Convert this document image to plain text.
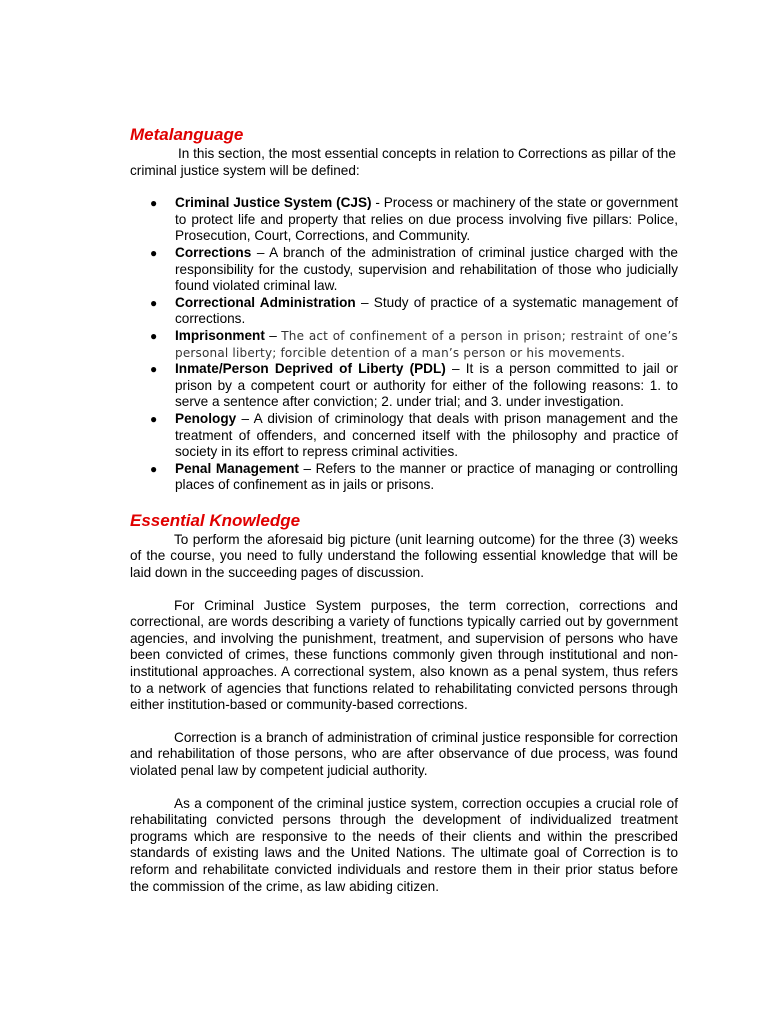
Metalanguage

In this section, the most essential concepts in relation to Corrections as pillar of the criminal justice system will be defined:

● Criminal Justice System (CJS) - Process or machinery of the state or government to protect life and property that relies on due process involving five pillars: Police, Prosecution, Court, Corrections, and Community.
● Corrections – A branch of the administration of criminal justice charged with the responsibility for the custody, supervision and rehabilitation of those who judicially found violated criminal law.
● Correctional Administration – Study of practice of a systematic management of corrections.
● Imprisonment – The act of confinement of a person in prison; restraint of one’s personal liberty; forcible detention of a man’s person or his movements.
● Inmate/Person Deprived of Liberty (PDL) – It is a person committed to jail or prison by a competent court or authority for either of the following reasons: 1. to serve a sentence after conviction; 2. under trial; and 3. under investigation.
● Penology – A division of criminology that deals with prison management and the treatment of offenders, and concerned itself with the philosophy and practice of society in its effort to repress criminal activities.
● Penal Management – Refers to the manner or practice of managing or controlling places of confinement as in jails or prisons.
Essential Knowledge

To perform the aforesaid big picture (unit learning outcome) for the three (3) weeks of the course, you need to fully understand the following essential knowledge that will be laid down in the succeeding pages of discussion.

For Criminal Justice System purposes, the term correction, corrections and correctional, are words describing a variety of functions typically carried out by government agencies, and involving the punishment, treatment, and supervision of persons who have been convicted of crimes, these functions commonly given through institutional and non-institutional approaches. A correctional system, also known as a penal system, thus refers to a network of agencies that functions related to rehabilitating convicted persons through either institution-based or community-based corrections.

Correction is a branch of administration of criminal justice responsible for correction and rehabilitation of those persons, who are after observance of due process, was found violated penal law by competent judicial authority.

As a component of the criminal justice system, correction occupies a crucial role of rehabilitating convicted persons through the development of individualized treatment programs which are responsive to the needs of their clients and within the prescribed standards of existing laws and the United Nations. The ultimate goal of Correction is to reform and rehabilitate convicted individuals and restore them in their prior status before the commission of the crime, as law abiding citizen.
